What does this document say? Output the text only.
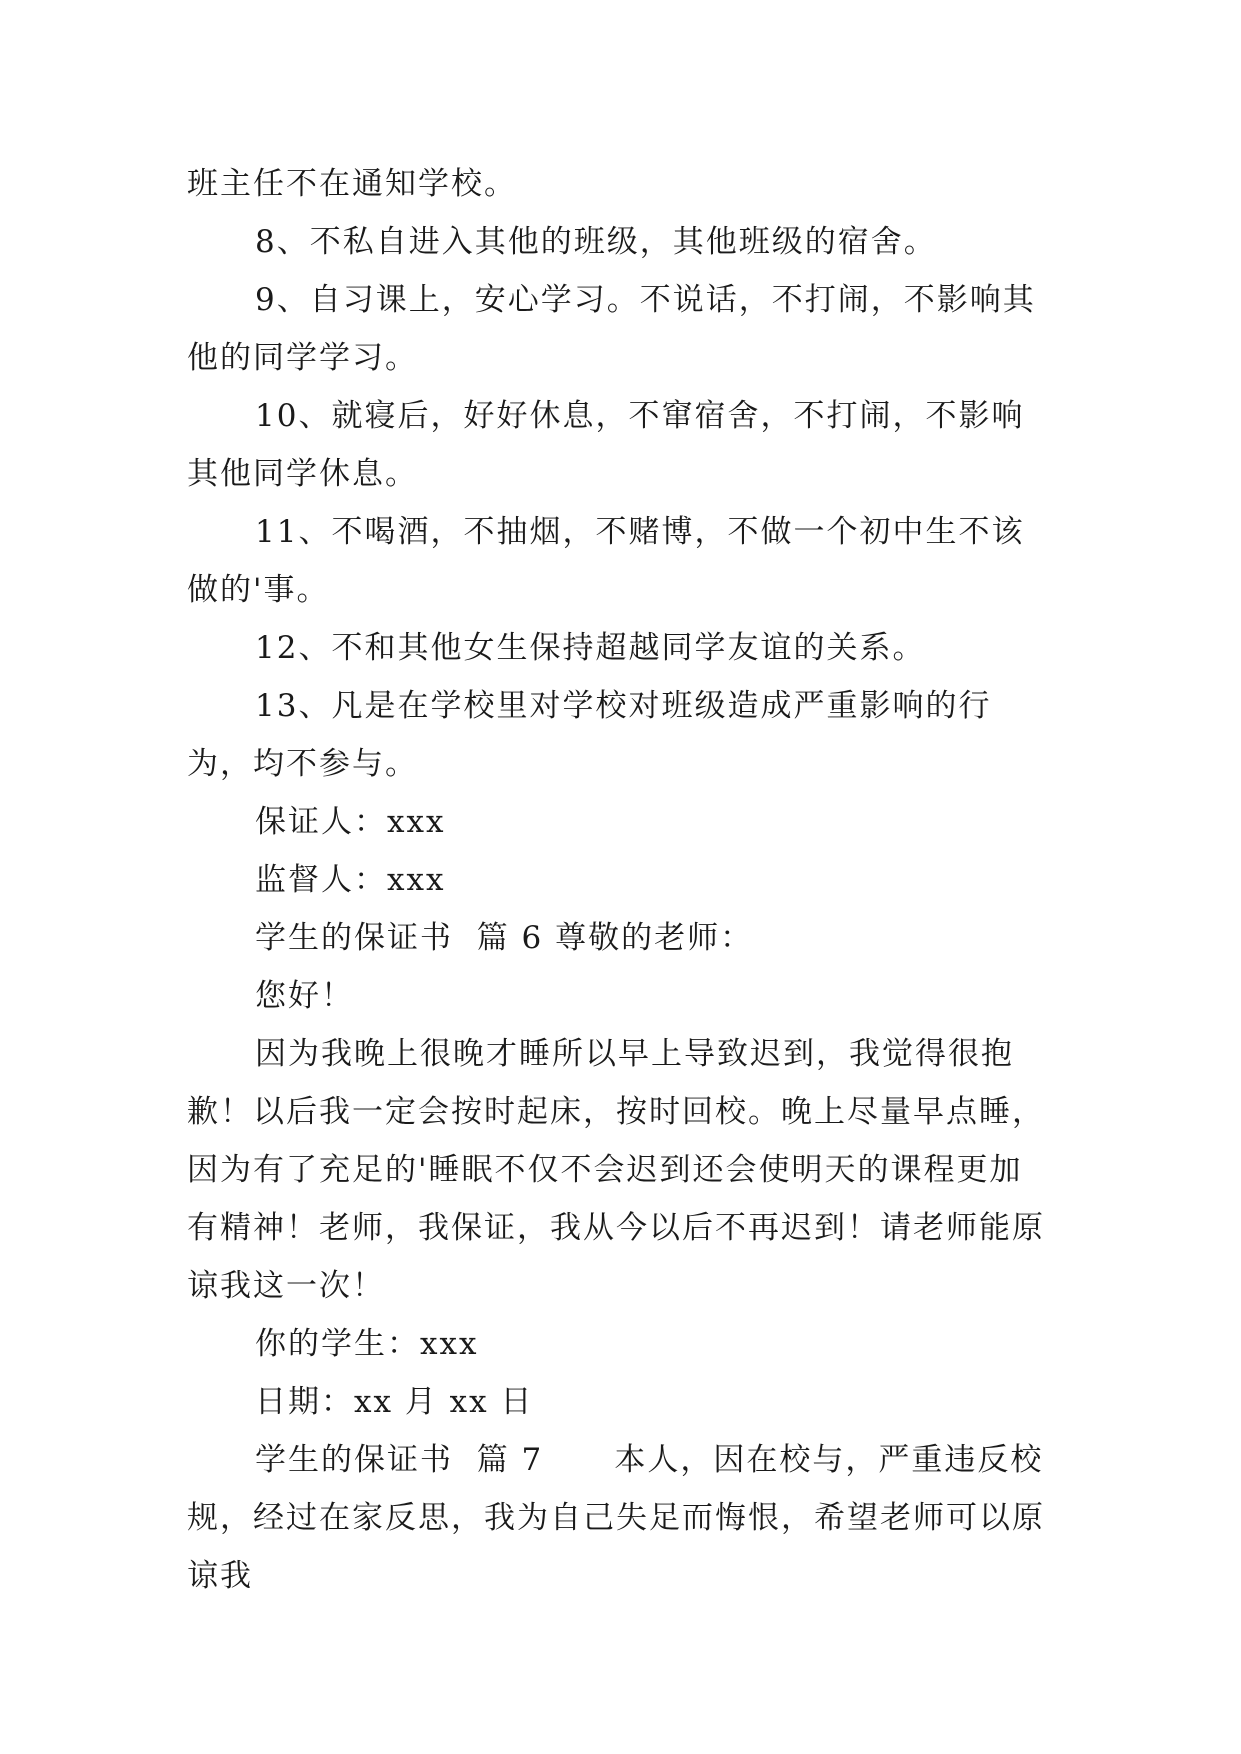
班主任不在通知学校。

8、不私自进入其他的班级，其他班级的宿舍。

9、自习课上，安心学习。不说话，不打闹，不影响其他的同学学习。

10、就寝后，好好休息，不窜宿舍，不打闹，不影响其他同学休息。

11、不喝酒，不抽烟，不赌博，不做一个初中生不该做的'事。

12、不和其他女生保持超越同学友谊的关系。

13、凡是在学校里对学校对班级造成严重影响的行为，均不参与。

保证人：xxx

监督人：xxx

学生的保证书  篇 6 尊敬的老师：

您好！

因为我晚上很晚才睡所以早上导致迟到，我觉得很抱歉！以后我一定会按时起床，按时回校。晚上尽量早点睡，因为有了充足的'睡眠不仅不会迟到还会使明天的课程更加有精神！老师，我保证，我从今以后不再迟到！请老师能原谅我这一次！

你的学生：xxx

日期：xx 月 xx 日

学生的保证书  篇 7      本人，因在校与，严重违反校规，经过在家反思，我为自己失足而悔恨，希望老师可以原谅我
